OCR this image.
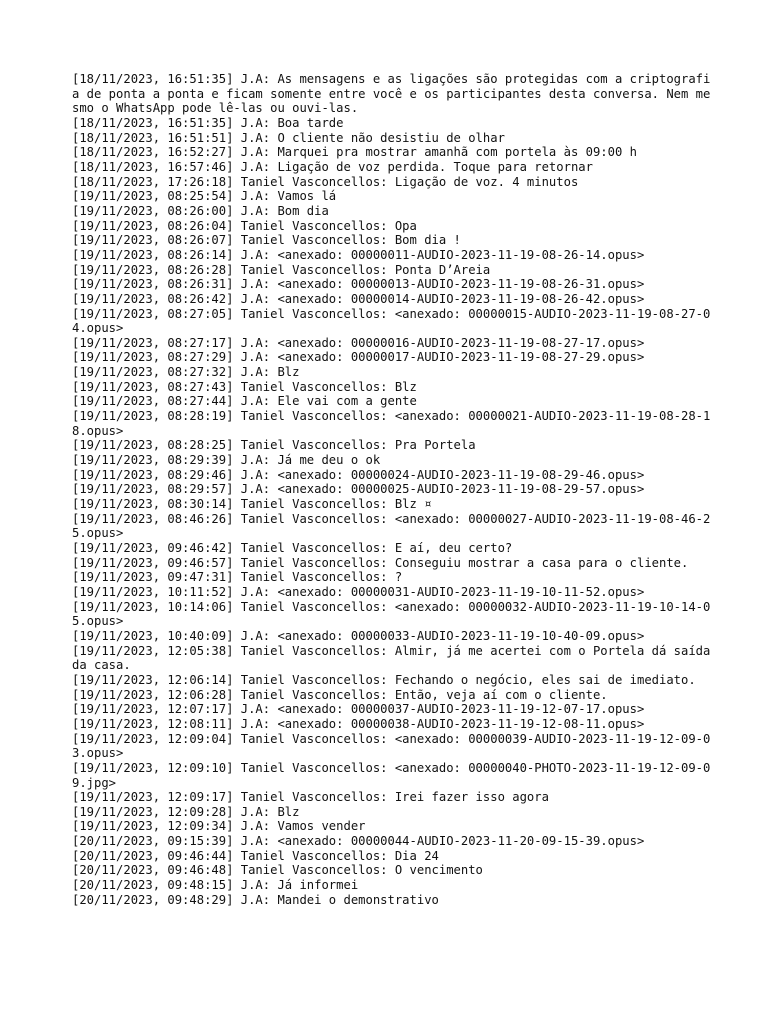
[18/11/2023, 16:51:35] J.A: As mensagens e as ligações são protegidas com a criptografia de ponta a ponta e ficam somente entre você e os participantes desta conversa. Nem mesmo o WhatsApp pode lê-las ou ouvi-las.
[18/11/2023, 16:51:35] J.A: Boa tarde
[18/11/2023, 16:51:51] J.A: O cliente não desistiu de olhar
[18/11/2023, 16:52:27] J.A: Marquei pra mostrar amanhã com portela às 09:00 h
[18/11/2023, 16:57:46] J.A: Ligação de voz perdida. Toque para retornar
[18/11/2023, 17:26:18] Taniel Vasconcellos: Ligação de voz. 4 minutos
[19/11/2023, 08:25:54] J.A: Vamos lá
[19/11/2023, 08:26:00] J.A: Bom dia
[19/11/2023, 08:26:04] Taniel Vasconcellos: Opa
[19/11/2023, 08:26:07] Taniel Vasconcellos: Bom dia !
[19/11/2023, 08:26:14] J.A: <anexado: 00000011-AUDIO-2023-11-19-08-26-14.opus>
[19/11/2023, 08:26:28] Taniel Vasconcellos: Ponta D’Areia
[19/11/2023, 08:26:31] J.A: <anexado: 00000013-AUDIO-2023-11-19-08-26-31.opus>
[19/11/2023, 08:26:42] J.A: <anexado: 00000014-AUDIO-2023-11-19-08-26-42.opus>
[19/11/2023, 08:27:05] Taniel Vasconcellos: <anexado: 00000015-AUDIO-2023-11-19-08-27-04.opus>
[19/11/2023, 08:27:17] J.A: <anexado: 00000016-AUDIO-2023-11-19-08-27-17.opus>
[19/11/2023, 08:27:29] J.A: <anexado: 00000017-AUDIO-2023-11-19-08-27-29.opus>
[19/11/2023, 08:27:32] J.A: Blz
[19/11/2023, 08:27:43] Taniel Vasconcellos: Blz
[19/11/2023, 08:27:44] J.A: Ele vai com a gente
[19/11/2023, 08:28:19] Taniel Vasconcellos: <anexado: 00000021-AUDIO-2023-11-19-08-28-18.opus>
[19/11/2023, 08:28:25] Taniel Vasconcellos: Pra Portela
[19/11/2023, 08:29:39] J.A: Já me deu o ok
[19/11/2023, 08:29:46] J.A: <anexado: 00000024-AUDIO-2023-11-19-08-29-46.opus>
[19/11/2023, 08:29:57] J.A: <anexado: 00000025-AUDIO-2023-11-19-08-29-57.opus>
[19/11/2023, 08:30:14] Taniel Vasconcellos: Blz ¤
[19/11/2023, 08:46:26] Taniel Vasconcellos: <anexado: 00000027-AUDIO-2023-11-19-08-46-25.opus>
[19/11/2023, 09:46:42] Taniel Vasconcellos: E aí, deu certo?
[19/11/2023, 09:46:57] Taniel Vasconcellos: Conseguiu mostrar a casa para o cliente.
[19/11/2023, 09:47:31] Taniel Vasconcellos: ?
[19/11/2023, 10:11:52] J.A: <anexado: 00000031-AUDIO-2023-11-19-10-11-52.opus>
[19/11/2023, 10:14:06] Taniel Vasconcellos: <anexado: 00000032-AUDIO-2023-11-19-10-14-05.opus>
[19/11/2023, 10:40:09] J.A: <anexado: 00000033-AUDIO-2023-11-19-10-40-09.opus>
[19/11/2023, 12:05:38] Taniel Vasconcellos: Almir, já me acertei com o Portela dá saída da casa.
[19/11/2023, 12:06:14] Taniel Vasconcellos: Fechando o negócio, eles sai de imediato.
[19/11/2023, 12:06:28] Taniel Vasconcellos: Então, veja aí com o cliente.
[19/11/2023, 12:07:17] J.A: <anexado: 00000037-AUDIO-2023-11-19-12-07-17.opus>
[19/11/2023, 12:08:11] J.A: <anexado: 00000038-AUDIO-2023-11-19-12-08-11.opus>
[19/11/2023, 12:09:04] Taniel Vasconcellos: <anexado: 00000039-AUDIO-2023-11-19-12-09-03.opus>
[19/11/2023, 12:09:10] Taniel Vasconcellos: <anexado: 00000040-PHOTO-2023-11-19-12-09-09.jpg>
[19/11/2023, 12:09:17] Taniel Vasconcellos: Irei fazer isso agora
[19/11/2023, 12:09:28] J.A: Blz
[19/11/2023, 12:09:34] J.A: Vamos vender
[20/11/2023, 09:15:39] J.A: <anexado: 00000044-AUDIO-2023-11-20-09-15-39.opus>
[20/11/2023, 09:46:44] Taniel Vasconcellos: Dia 24
[20/11/2023, 09:46:48] Taniel Vasconcellos: O vencimento
[20/11/2023, 09:48:15] J.A: Já informei
[20/11/2023, 09:48:29] J.A: Mandei o demonstrativo
